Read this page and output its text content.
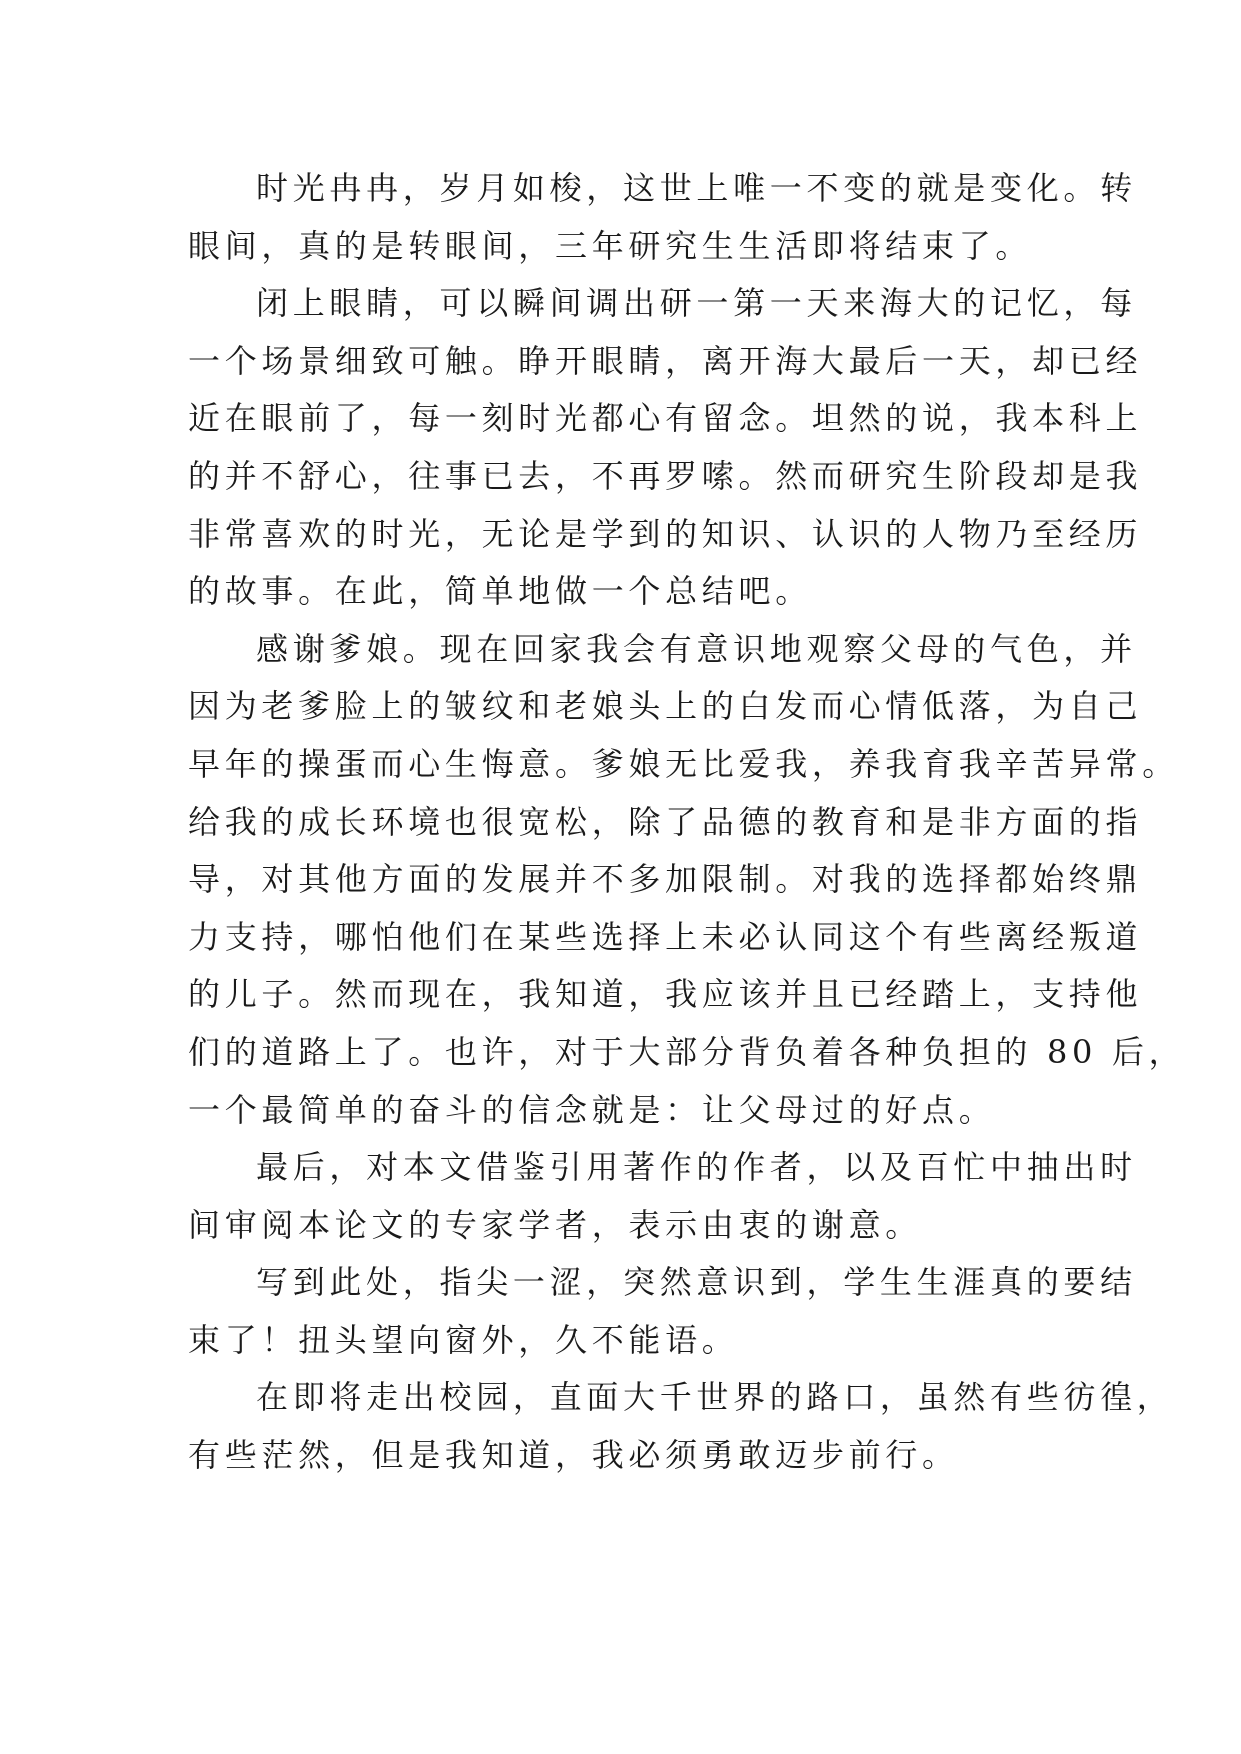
时光冉冉，岁月如梭，这世上唯一不变的就是变化。转
眼间，真的是转眼间，三年研究生生活即将结束了。
闭上眼睛，可以瞬间调出研一第一天来海大的记忆，每
一个场景细致可触。睁开眼睛，离开海大最后一天，却已经
近在眼前了，每一刻时光都心有留念。坦然的说，我本科上
的并不舒心，往事已去，不再罗嗦。然而研究生阶段却是我
非常喜欢的时光，无论是学到的知识、认识的人物乃至经历
的故事。在此，简单地做一个总结吧。
感谢爹娘。现在回家我会有意识地观察父母的气色，并
因为老爹脸上的皱纹和老娘头上的白发而心情低落，为自己
早年的操蛋而心生悔意。爹娘无比爱我，养我育我辛苦异常。
给我的成长环境也很宽松，除了品德的教育和是非方面的指
导，对其他方面的发展并不多加限制。对我的选择都始终鼎
力支持，哪怕他们在某些选择上未必认同这个有些离经叛道
的儿子。然而现在，我知道，我应该并且已经踏上，支持他
们的道路上了。也许，对于大部分背负着各种负担的 80 后，
一个最简单的奋斗的信念就是：让父母过的好点。
最后，对本文借鉴引用著作的作者，以及百忙中抽出时
间审阅本论文的专家学者，表示由衷的谢意。
写到此处，指尖一涩，突然意识到，学生生涯真的要结
束了！扭头望向窗外，久不能语。
在即将走出校园，直面大千世界的路口，虽然有些彷徨，
有些茫然，但是我知道，我必须勇敢迈步前行。
